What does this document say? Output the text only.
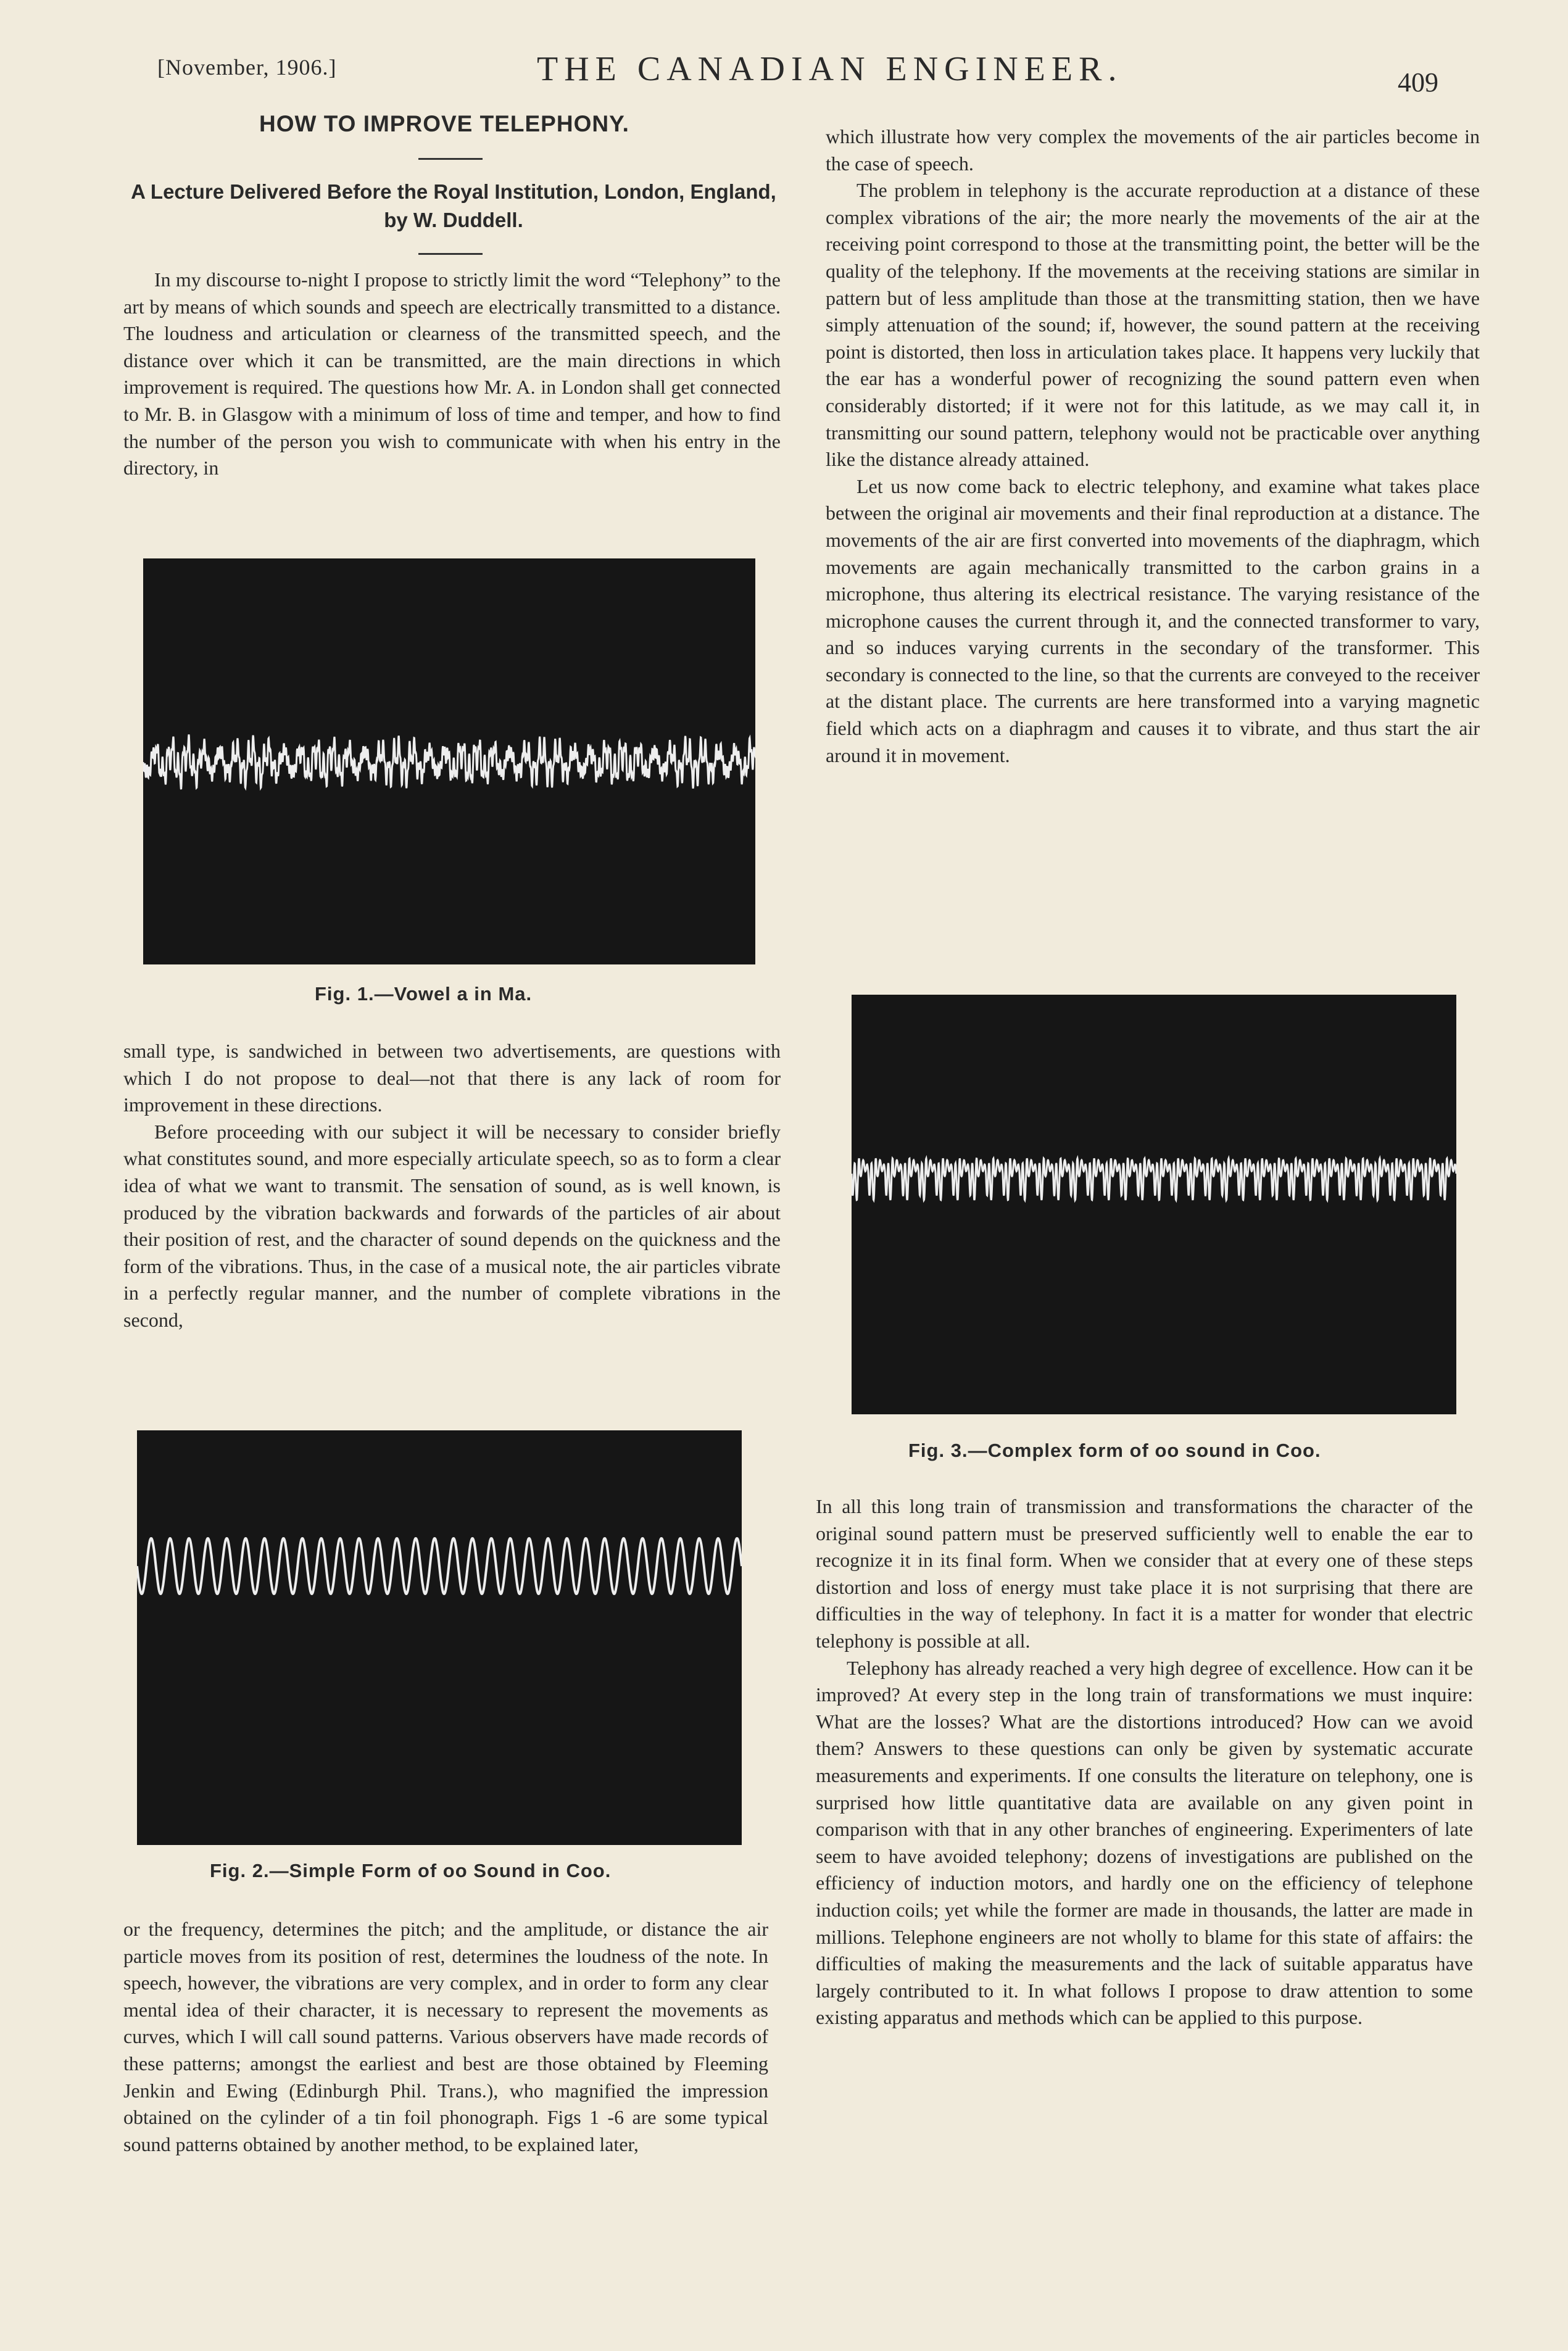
[November, 1906.]	THE CANADIAN ENGINEER.	409
HOW TO IMPROVE TELEPHONY.
A Lecture Delivered Before the Royal Institution, London, England, by W. Duddell.

In my discourse to-night I propose to strictly limit the word “Telephony” to the art by means of which sounds and speech are electrically transmitted to a distance. The loudness and articulation or clearness of the transmitted speech, and the distance over which it can be transmitted, are the main directions in which improvement is required. The questions how Mr. A. in London shall get connected to Mr. B. in Glasgow with a minimum of loss of time and temper, and how to find the number of the person you wish to communicate with when his entry in the directory, in

Fig. 1.—Vowel a in Ma.

small type, is sandwiched in between two advertisements, are questions with which I do not propose to deal—not that there is any lack of room for improvement in these directions.

Before proceeding with our subject it will be necessary to consider briefly what constitutes sound, and more especially articulate speech, so as to form a clear idea of what we want to transmit. The sensation of sound, as is well known, is produced by the vibration backwards and forwards of the particles of air about their position of rest, and the character of sound depends on the quickness and the form of the vibrations. Thus, in the case of a musical note, the air particles vibrate in a perfectly regular manner, and the number of complete vibrations in the second,

Fig. 2.—Simple Form of oo Sound in Coo.

or the frequency, determines the pitch; and the amplitude, or distance the air particle moves from its position of rest, determines the loudness of the note. In speech, however, the vibrations are very complex, and in order to form any clear mental idea of their character, it is necessary to represent the movements as curves, which I will call sound patterns. Various observers have made records of these patterns; amongst the earliest and best are those obtained by Fleeming Jenkin and Ewing (Edinburgh Phil. Trans.), who magnified the impression obtained on the cylinder of a tin foil phonograph. Figs 1 -6 are some typical sound patterns obtained by another method, to be explained later,

which illustrate how very complex the movements of the air particles become in the case of speech.

The problem in telephony is the accurate reproduction at a distance of these complex vibrations of the air; the more nearly the movements of the air at the receiving point correspond to those at the transmitting point, the better will be the quality of the telephony. If the movements at the receiving stations are similar in pattern but of less amplitude than those at the transmitting station, then we have simply attenuation of the sound; if, however, the sound pattern at the receiving point is distorted, then loss in articulation takes place. It happens very luckily that the ear has a wonderful power of recognizing the sound pattern even when considerably distorted; if it were not for this latitude, as we may call it, in transmitting our sound pattern, telephony would not be practicable over anything like the distance already attained.

Let us now come back to electric telephony, and examine what takes place between the original air movements and their final reproduction at a distance. The movements of the air are first converted into movements of the diaphragm, which movements are again mechanically transmitted to the carbon grains in a microphone, thus altering its electrical resistance. The varying resistance of the microphone causes the current through it, and the connected transformer to vary, and so induces varying currents in the secondary of the transformer. This secondary is connected to the line, so that the currents are conveyed to the receiver at the distant place. The currents are here transformed into a varying magnetic field which acts on a diaphragm and causes it to vibrate, and thus start the air around it in movement.

Fig. 3.—Complex form of oo sound in Coo.

In all this long train of transmission and transformations the character of the original sound pattern must be preserved sufficiently well to enable the ear to recognize it in its final form. When we consider that at every one of these steps distortion and loss of energy must take place it is not surprising that there are difficulties in the way of telephony. In fact it is a matter for wonder that electric telephony is possible at all.

Telephony has already reached a very high degree of excellence. How can it be improved? At every step in the long train of transformations we must inquire: What are the losses? What are the distortions introduced? How can we avoid them? Answers to these questions can only be given by systematic accurate measurements and experiments. If one consults the literature on telephony, one is surprised how little quantitative data are available on any given point in comparison with that in any other branches of engineering. Experimenters of late seem to have avoided telephony; dozens of investigations are published on the efficiency of induction motors, and hardly one on the efficiency of telephone induction coils; yet while the former are made in thousands, the latter are made in millions. Telephone engineers are not wholly to blame for this state of affairs: the difficulties of making the measurements and the lack of suitable apparatus have largely contributed to it. In what follows I propose to draw attention to some existing apparatus and methods which can be applied to this purpose.
